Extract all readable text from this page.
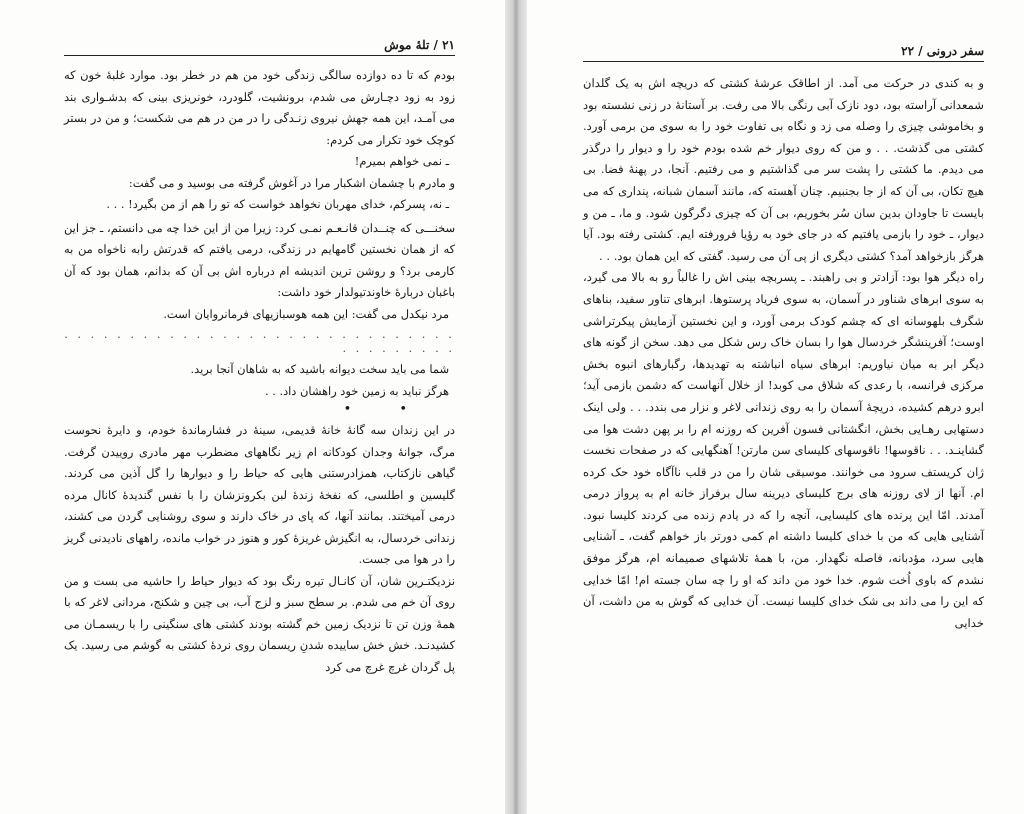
۲۱ / تلهٔ موش

بودم که تا ده دوازده سالگی زندگی خود من هم در خطر بود. موارد غلبهٔ خون که زود به زود دچـارش می شدم، برونشیت، گلودرد، خونریزی بینی که بدشـواری بند می آمـد، این همه جهش نیروی زنـدگی را در من در هم می شکست؛ و من در بستر کوچک خود تکرار می کردم:

ـ نمی خواهم بمیرم!

و مادرم با چشمان اشکبار مرا در آغوش گرفته می بوسید و می گفت:

ـ نه، پسرکم، خدای مهربان نخواهد خواست که تو را هم از من بگیرد! . . .

سخنـــی که چنــدان قانـعـم نمـی کرد: زیرا من از این خدا چه می دانستم، ـ جز این که از همان نخستین گامهایم در زندگی، درمی یافتم که قدرتش رابه ناخواه من به کارمی برد؟ و روشن ترین اندیشه ام درباره اش بی آن که بدانم، همان بود که آن باغبان دربارهٔ خاوندتیولدار خود داشت:

مرد نیکدل می گفت: این همه هوسبازیهای فرمانروایان است.

. . . . . . . . . . . . . . . . . . . . . . . . . . . . . . . . . . . . . . .

شما می باید سخت دیوانه باشید که به شاهان آنجا برید.

هرگز نباید به زمین خود راهشان داد. . .

••

در این زندان سه گانهٔ خانهٔ قدیمی، سینهٔ در فشارماندهٔ خودم، و دایرهٔ نحوست مرگ، جوانهٔ وجدان کودکانه ام زیر نگاههای مضطرب مهر مادری روییدن گرفت. گیاهی نازکتاب، همزادرستنی هایی که حیاط را و دیوارها را گل آذین می کردند. گلیسین و اطلسی، که نفخهٔ زندهٔ لبن بکرونزشان را با نفس گندیدهٔ کانال مرده درمی آمیختند. بمانند آنها، که پای در خاک دارند و سوی روشنایی گردن می کشند، زندانی خردسال، به انگیزش غریزهٔ کور و هنوز در خواب مانده، راههای نادیدنی گریز را در هوا می جست.

نزدیکتـرین شان، آن کانـال تیره رنگ بود که دیوار حیاط را حاشیه می بست و من روی آن خم می شدم. بر سطح سبز و لزج آب، بی چین و شکنج، مردانی لاغر که با همهٔ وزن تن تا نزدیک زمین خم گشته بودند کشتی های سنگینی را با ریسمـان می کشیدنـد. خش خش ساییده شدنِ ریسمان روی نردهٔ کشتی به گوشم می رسید. یک پل گردان غرچ غرچ می کرد

سفر درونی / ۲۲

و به کندی در حرکت می آمد. از اطاقک عرشهٔ کشتی که دریچه اش به یک گلدان شمعدانی آراسته بود، دود نازک آبی رنگی بالا می رفت. بر آستانهٔ در زنی نشسته بود و بخاموشی چیزی را وصله می زد و نگاه بی تفاوت خود را به سوی من برمی آورد. کشتی می گذشت. . . و من که روی دیوار خم شده بودم خود را و دیوار را درگذر می دیدم. ما کشتی را پشت سر می گذاشتیم و می رفتیم. آنجا، در پهنهٔ فضا. بی هیچ تکان، بی آن که از جا بجنبیم. چنان آهسته که، مانند آسمان شبانه، پنداری که می بایست تا جاودان بدین سان سُر بخوریم، بی آن که چیزی دگرگون شود. و ما، ـ من و دیوار، ـ خود را بازمی یافتیم که در جای خود به رؤیا فرورفته ایم. کشتی رفته بود. آیا هرگز بازخواهد آمد؟ کشتی دیگری از پی آن می رسید. گفتی که این همان بود. . .

راه دیگر هوا بود: آزادتر و بی راهبند. ـ پسربچه بینی اش را غالباً رو به بالا می گیرد، به سوی ابرهای شناور در آسمان، به سوی فریاد پرستوها. ابرهای تناور سفید، بناهای شگرف بلهوسانه ای که چشم کودک برمی آورد، و این نخستین آزمایش پیکرتراشی اوست؛ آفرینشگر خردسال هوا را بسان خاک رس شکل می دهد. سخن از گونه های دیگر ابر به میان نیاوریم: ابرهای سیاه انباشته به تهدیدها، رگبارهای انبوه بخش مرکزی فرانسه، با رعدی که شلاق می کوبد! از خلال آنهاست که دشمن بازمی آید؛ ابرو درهم کشیده، دریچهٔ آسمان را به روی زندانی لاغر و نزار می بندد. . . ولی اینک دستهایی رهـایی بخش، انگشتانی فسون آفرین که روزنه ام را بر پهن دشت هوا می گشاینـد. . . ناقوسها! ناقوسهای کلیسای سن مارتن! آهنگهایی که در صفحات نخست ژان کریستف سرود می خوانند. موسیقی شان را من در قلب ناآگاه خود حک کرده ام. آنها از لای روزنه های برج کلیسای دیرینه سال برفراز خانه ام به پرواز درمی آمدند. امّا این پرنده های کلیسایی، آنچه را که در یادم زنده می کردند کلیسا نبود. آشنایی هایی که من با خدای کلیسا داشته ام کمی دورتر باز خواهم گفت، ـ آشنایی هایی سرد، مؤدبانه، فاصله نگهدار. من، با همهٔ تلاشهای صمیمانه ام، هرگز موفق نشدم که باوی اُخت شوم. خدا خود من داند که او را چه سان جسته ام! امّا خدایی که این را می داند بی شک خدای کلیسا نیست. آن خدایی که گوش به من داشت، آن خدایی
